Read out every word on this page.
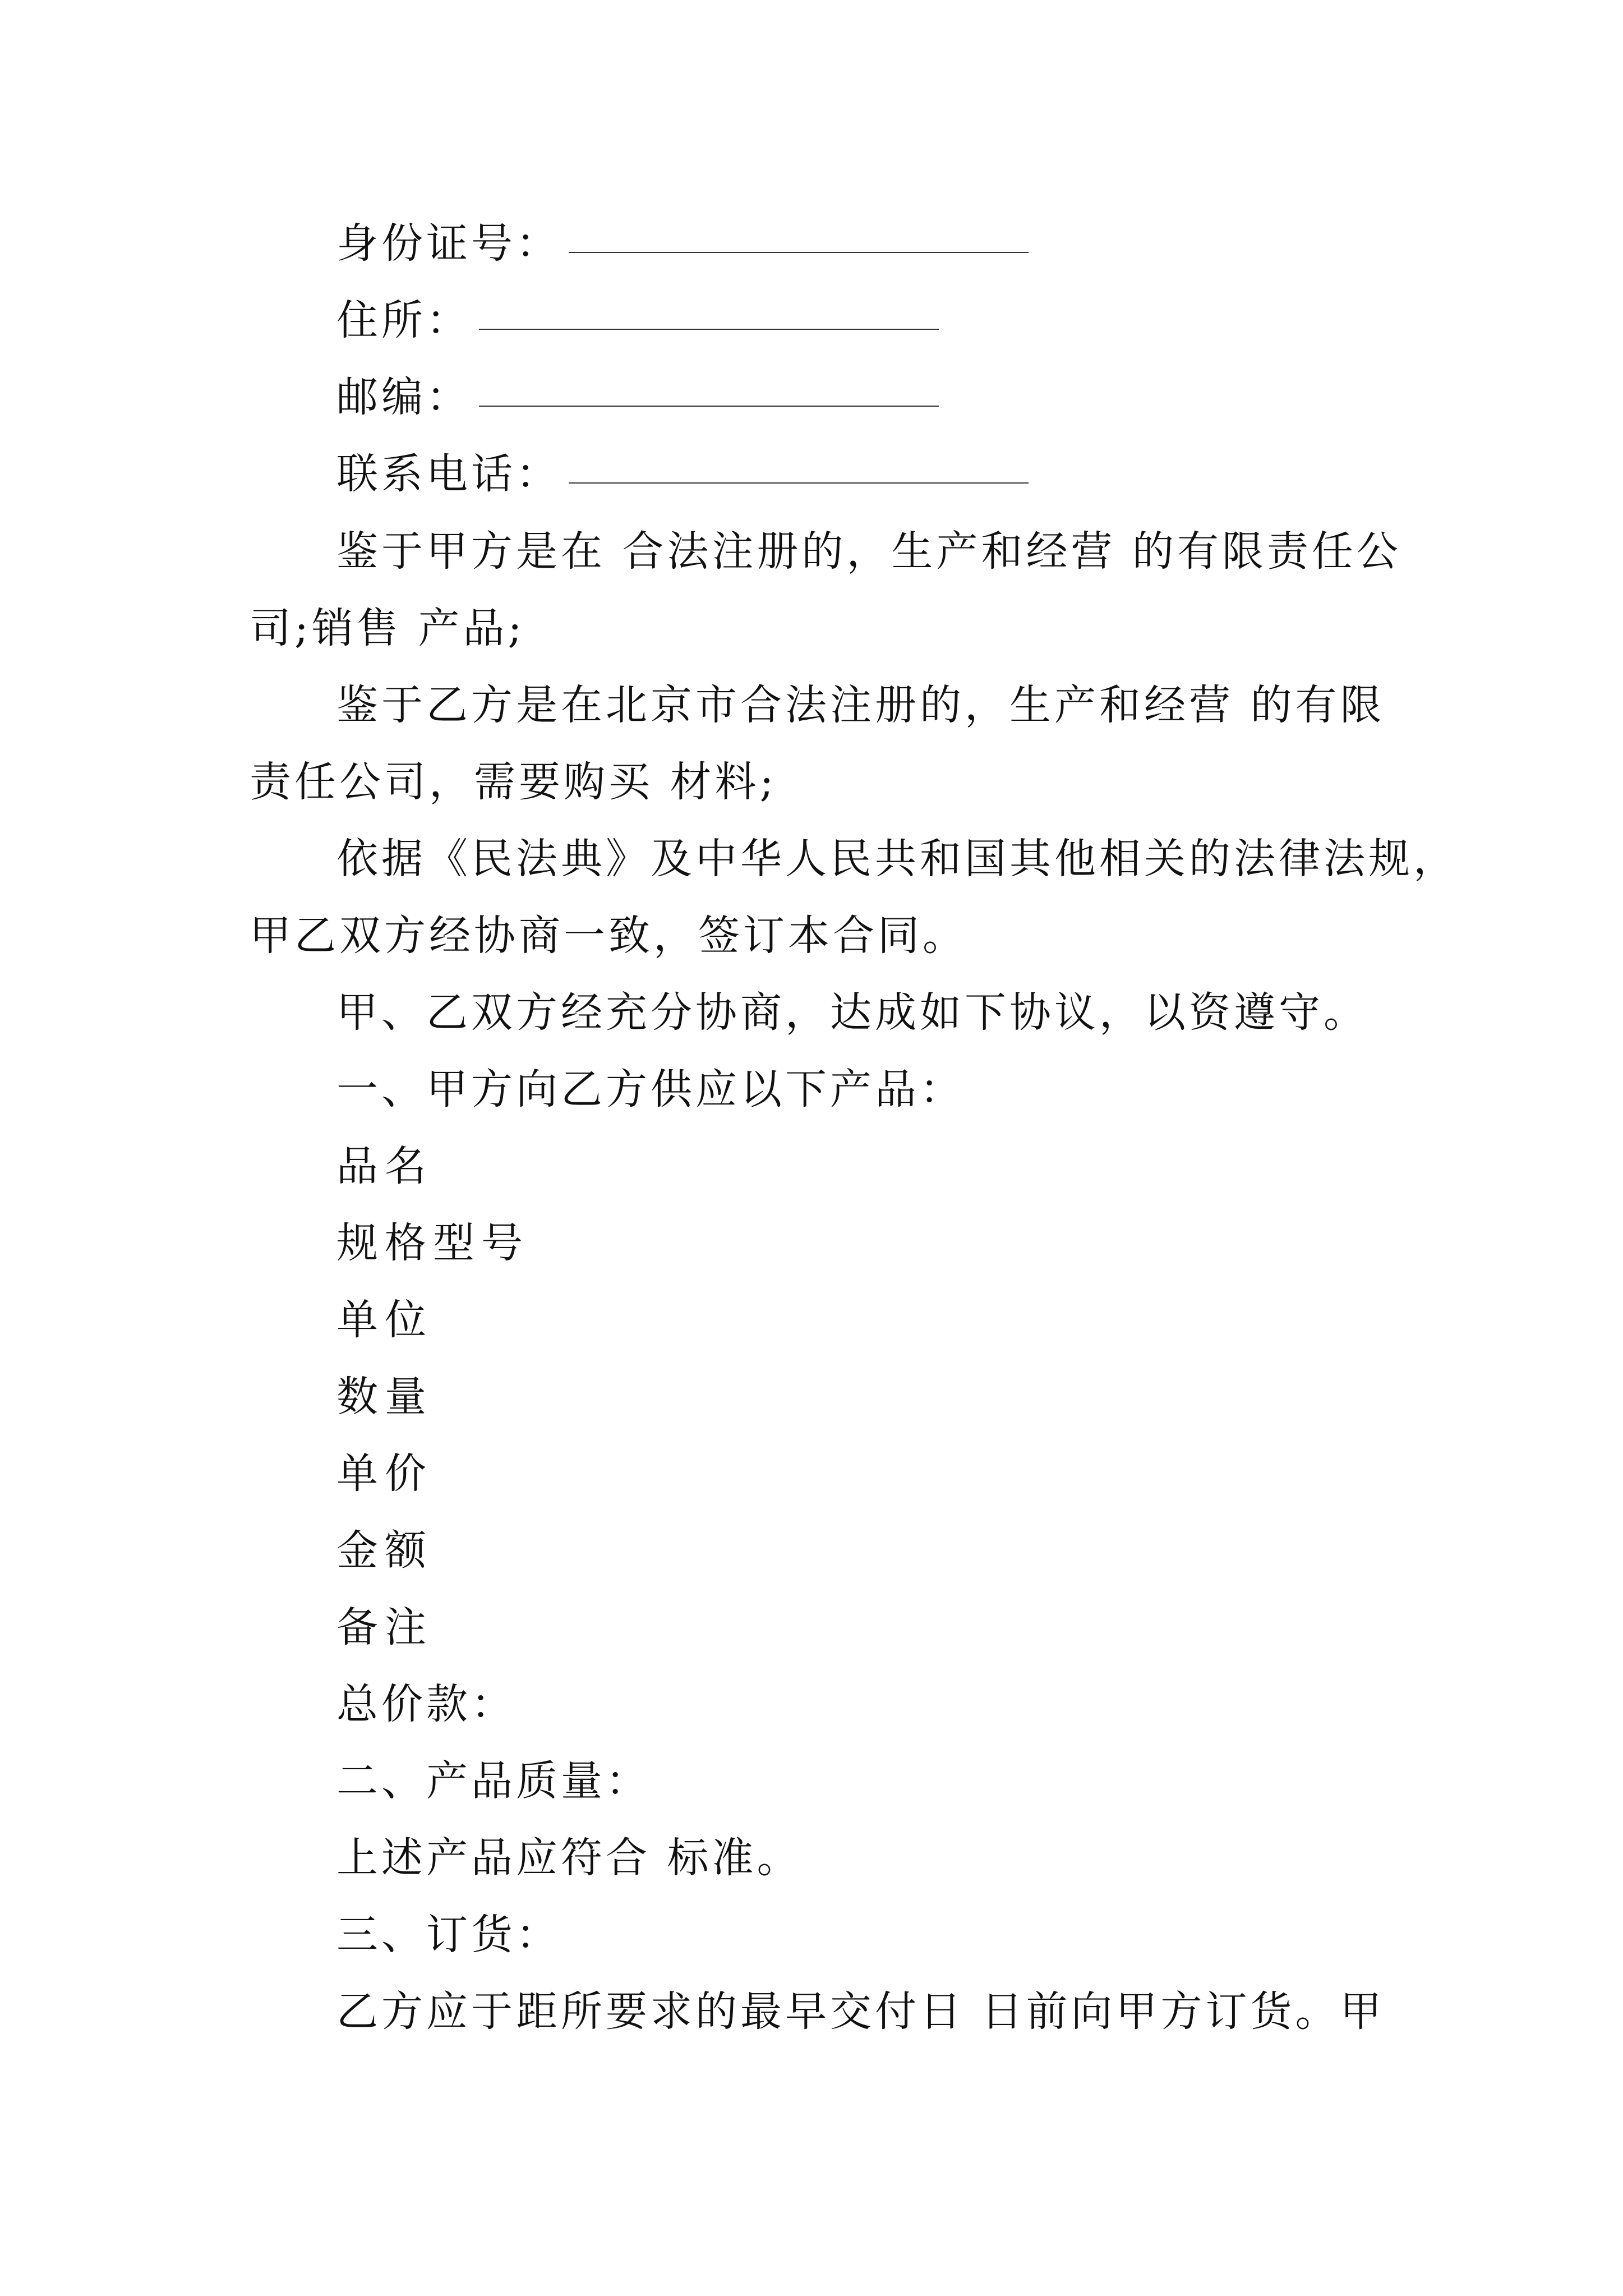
身份证号：
住所：
邮编：
联系电话：
鉴于甲方是在 合法注册的，生产和经营 的有限责任公
司;销售 产品;
鉴于乙方是在北京市合法注册的，生产和经营 的有限
责任公司，需要购买 材料;
依据《民法典》及中华人民共和国其他相关的法律法规，
甲乙双方经协商一致，签订本合同。
甲、乙双方经充分协商，达成如下协议，以资遵守。
一、甲方向乙方供应以下产品：
品名
规格型号
单位
数量
单价
金额
备注
总价款：
二、产品质量：
上述产品应符合 标准。
三、订货：
乙方应于距所要求的最早交付日 日前向甲方订货。甲
